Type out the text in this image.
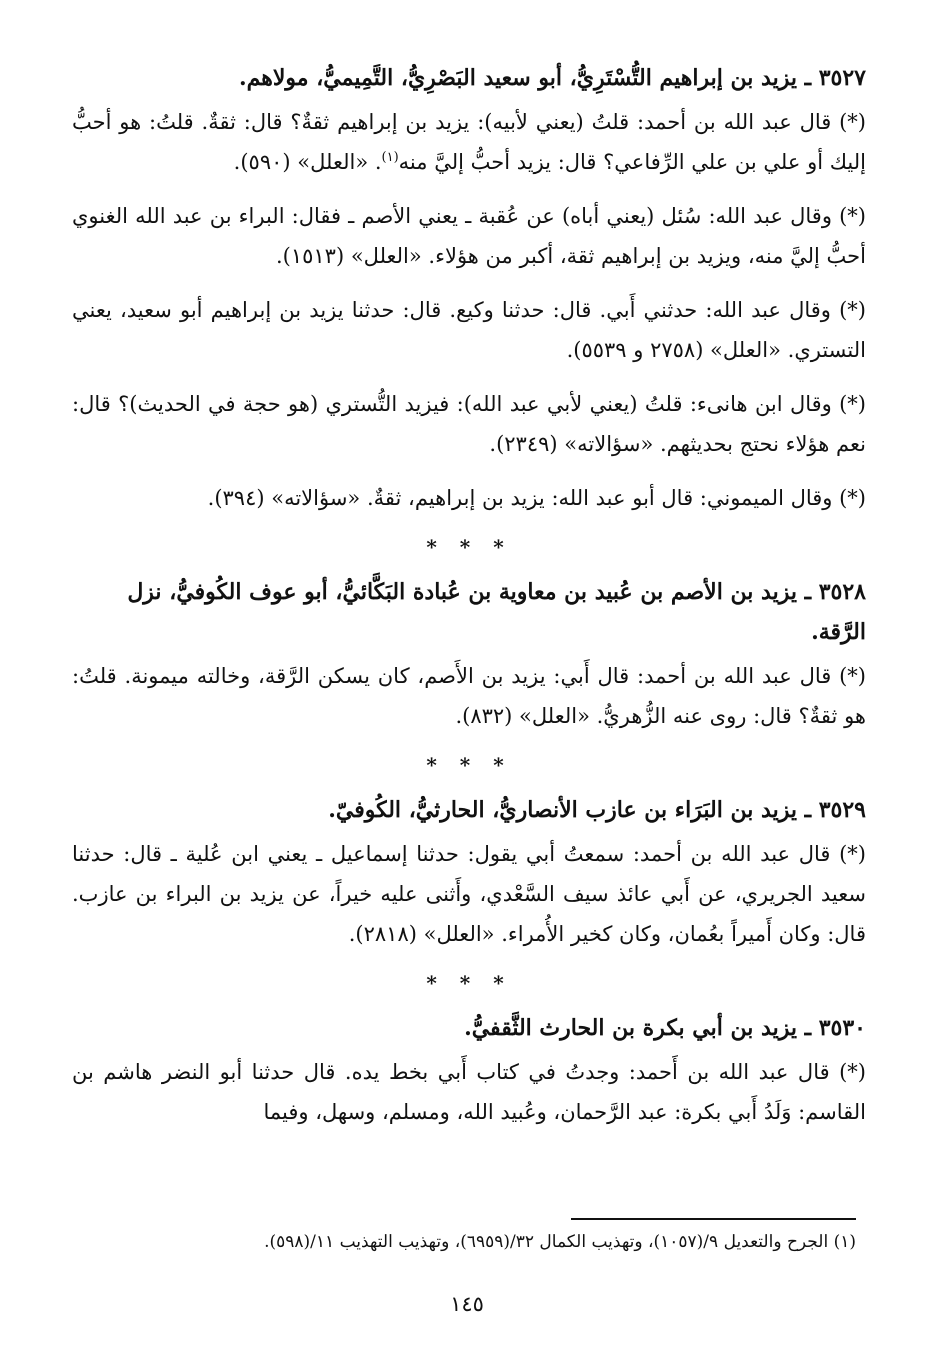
٣٥٢٧ ـ يزيد بن إبراهيم التُّسْتَرِيُّ، أبو سعيد البَصْرِيُّ، التَّمِيميُّ، مولاهم.
(*) قال عبد الله بن أحمد: قلتُ (يعني لأبيه): يزيد بن إبراهيم ثقةٌ؟ قال: ثقةٌ. قلتُ: هو أحبُّ إليك أو علي بن علي الرِّفاعي؟ قال: يزيد أحبُّ إليَّ منه$^{(١)}$. «العلل» (٥٩٠).
(*) وقال عبد الله: سُئل (يعني أباه) عن عُقبة ـ يعني الأصم ـ فقال: البراء بن عبد الله الغنوي أحبُّ إليَّ منه، ويزيد بن إبراهيم ثقة، أكبر من هؤلاء. «العلل» (١٥١٣).
(*) وقال عبد الله: حدثني أَبي. قال: حدثنا وكيع. قال: حدثنا يزيد بن إبراهيم أبو سعيد، يعني التستري. «العلل» (٢٧٥٨ و ٥٥٣٩).
(*) وقال ابن هانىء: قلتُ (يعني لأبي عبد الله): فيزيد التُّستري (هو حجة في الحديث)؟ قال: نعم هؤلاء نحتج بحديثهم. «سؤالاته» (٢٣٤٩).
(*) وقال الميموني: قال أبو عبد الله: يزيد بن إبراهيم، ثقةٌ. «سؤالاته» (٣٩٤).
* * *
٣٥٢٨ ـ يزيد بن الأصم بن عُبيد بن معاوية بن عُبادة البَكَّائيُّ، أبو عوف الكُوفيُّ، نزل الرَّقة.
(*) قال عبد الله بن أحمد: قال أَبي: يزيد بن الأَصم، كان يسكن الرَّقة، وخالته ميمونة. قلتُ: هو ثقةٌ؟ قال: روى عنه الزُّهريُّ. «العلل» (٨٣٢).
* * *
٣٥٢٩ ـ يزيد بن البَرَاء بن عازب الأنصاريُّ، الحارثيُّ، الكُوفيّ.
(*) قال عبد الله بن أحمد: سمعتُ أبي يقول: حدثنا إسماعيل ـ يعني ابن عُلية ـ قال: حدثنا سعيد الجريري، عن أَبي عائذ سيف السَّعْدي، وأَثنى عليه خيراً، عن يزيد بن البراء بن عازب. قال: وكان أَميراً بعُمان، وكان كخير الأُمراء. «العلل» (٢٨١٨).
* * *
٣٥٣٠ ـ يزيد بن أبي بكرة بن الحارث الثَّقفيُّ.
(*) قال عبد الله بن أَحمد: وجدتُ في كتاب أَبي بخط يده. قال حدثنا أبو النضر هاشم بن القاسم: وَلَدُ أَبي بكرة: عبد الرَّحمان، وعُبيد الله، ومسلم، وسهل، وفيما
(١) الجرح والتعديل ٩/(١٠٥٧)، وتهذيب الكمال ٣٢/(٦٩٥٩)، وتهذيب التهذيب ١١/(٥٩٨).
١٤٥
